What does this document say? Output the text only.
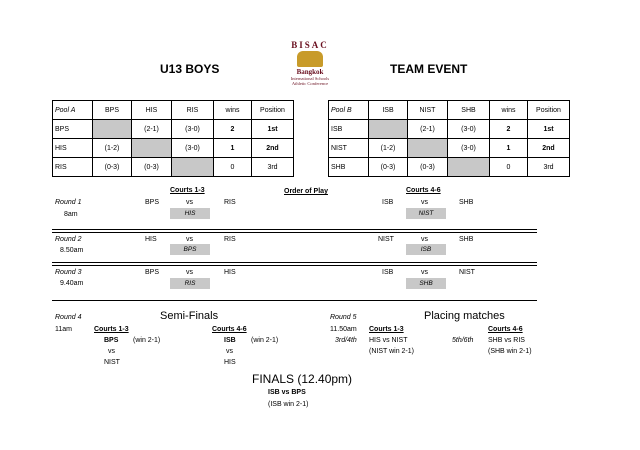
U13 BOYS	TEAM EVENT
BISAC
Bangkok
International Schools
Athletic Conference
Pool A	BPS	HIS	RIS	wins	Position
BPS		(2-1)	(3-0)	2	1st
HIS	(1-2)		(3-0)	1	2nd
RIS	(0-3)	(0-3)		0	3rd
Pool B	ISB	NIST	SHB	wins	Position
ISB		(2-1)	(3-0)	2	1st
NIST	(1-2)		(3-0)	1	2nd
SHB	(0-3)	(0-3)		0	3rd
Courts 1-3	Order of Play	Courts 4-6
Round 1
8am
BPS	vs	RIS
HIS
ISB	vs	SHB
NIST
Round 2
8.50am
HIS	vs	RIS
BPS
NIST	vs	SHB
ISB
Round 3
9.40am
BPS	vs	HIS
RIS
ISB	vs	NIST
SHB
Round 4
11am
Semi-Finals
Courts 1-3	Courts 4-6
BPS (win 2-1)
vs
NIST
ISB (win 2-1)
vs
HIS
Round 5
11.50am
Placing matches
Courts 1-3	Courts 4-6
3rd/4th HIS vs NIST
(NIST win 2-1)
5th/6th SHB vs RIS
(SHB win 2-1)
FINALS (12.40pm)
ISB vs BPS
(ISB win 2-1)
